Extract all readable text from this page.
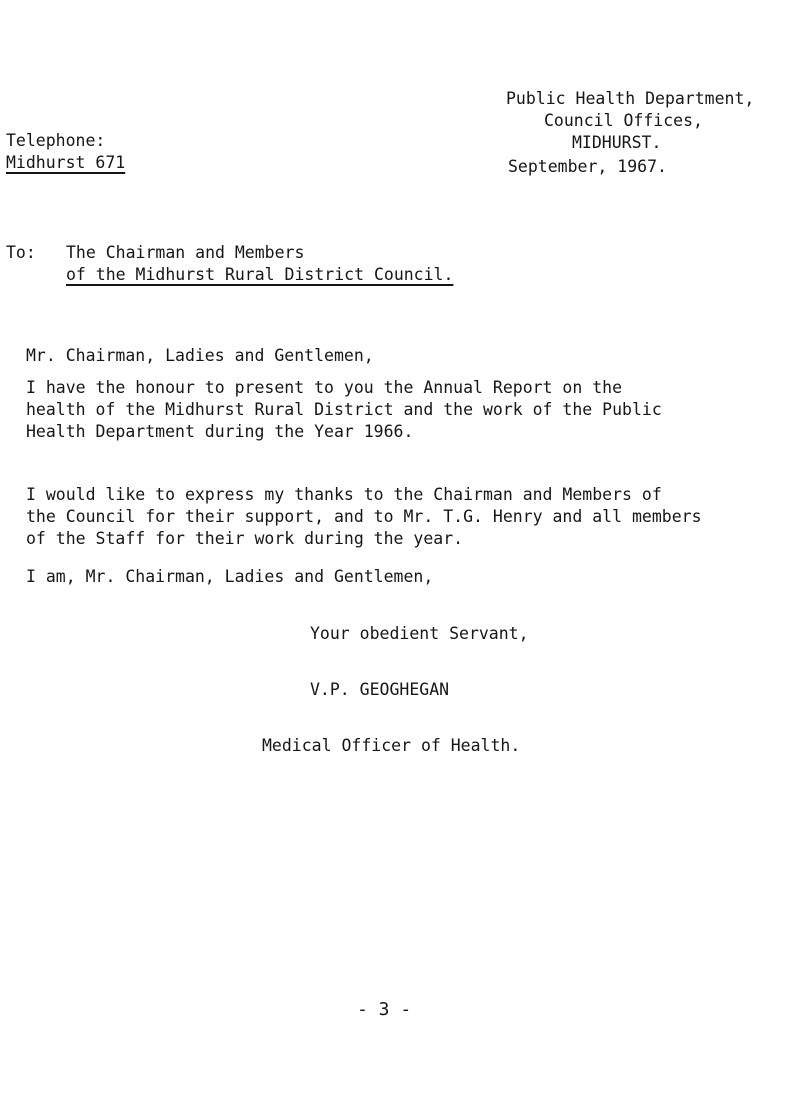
Public Health Department,
Council Offices,
MIDHURST.
September, 1967.
Telephone:
Midhurst 671
To: The Chairman and Members
of the Midhurst Rural District Council.
Mr. Chairman, Ladies and Gentlemen,
I have the honour to present to you the Annual Report on the
health of the Midhurst Rural District and the work of the Public
Health Department during the Year 1966.
I would like to express my thanks to the Chairman and Members of
the Council for their support, and to Mr. T.G. Henry and all members
of the Staff for their work during the year.
I am, Mr. Chairman, Ladies and Gentlemen,
Your obedient Servant,
V.P. GEOGHEGAN
Medical Officer of Health.
- 3 -
